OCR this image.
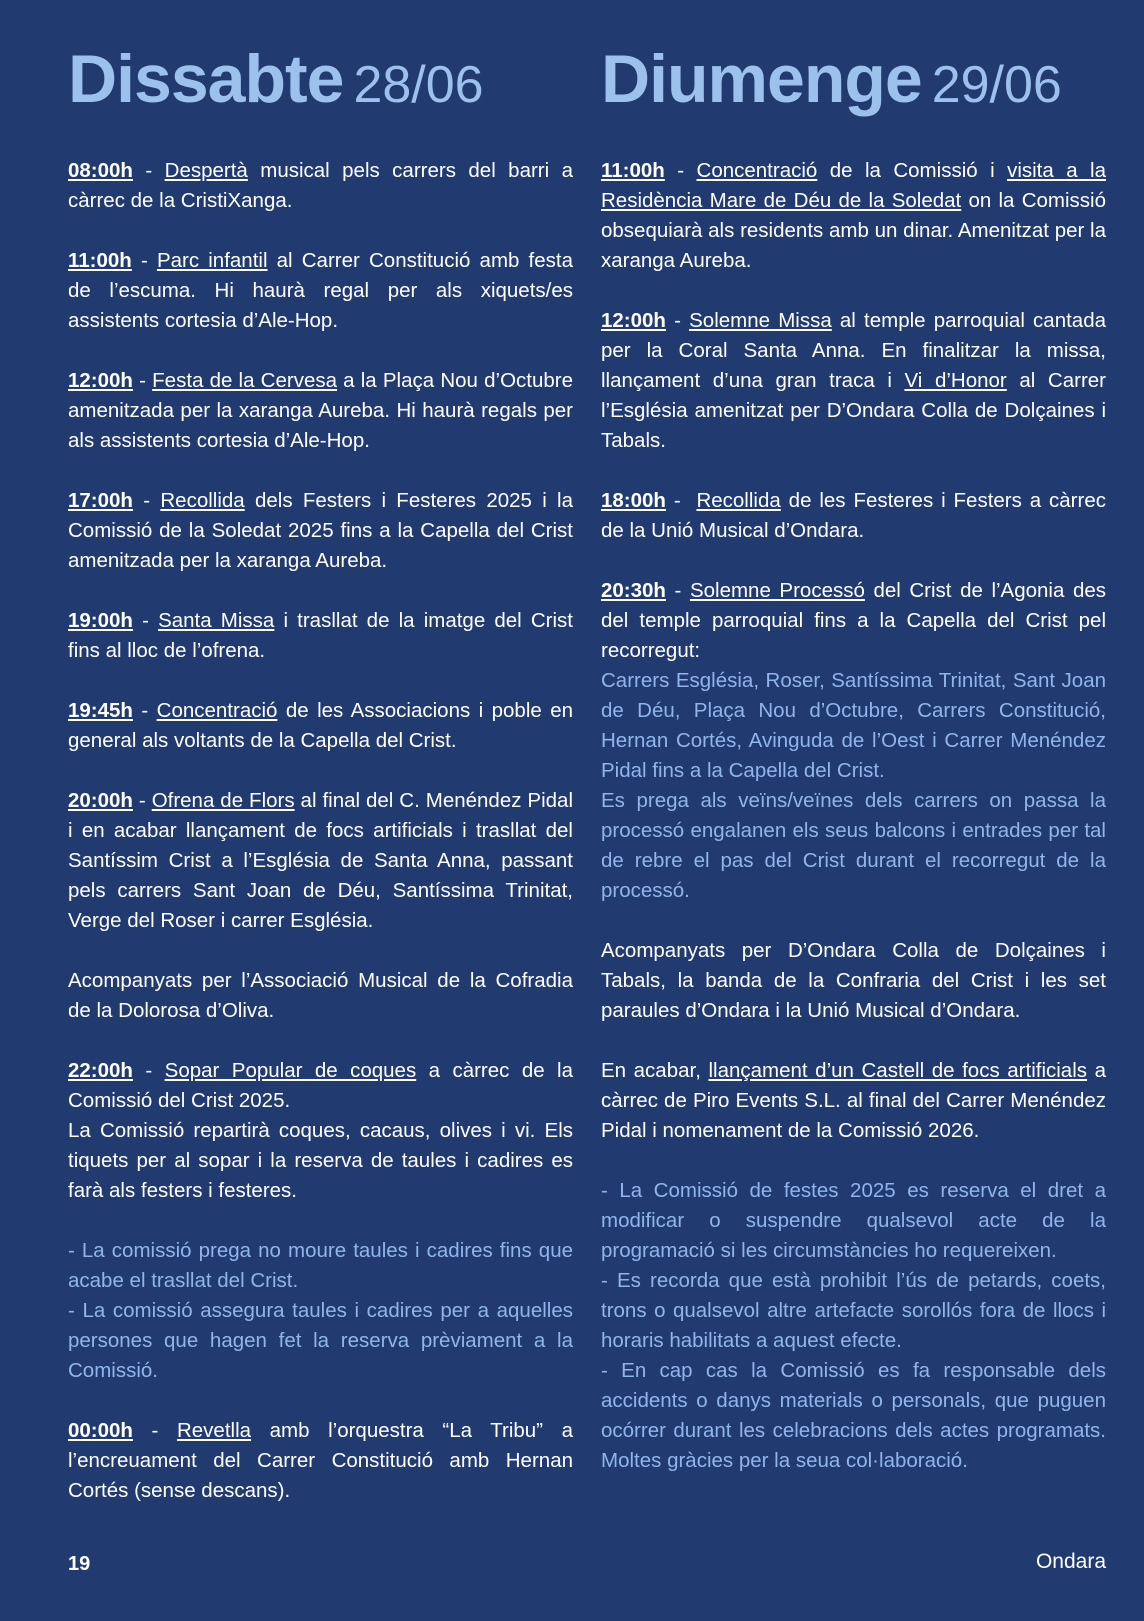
Dissabte 28/06

08:00h - Despertà musical pels carrers del barri a càrrec de la CristiXanga.

11:00h - Parc infantil al Carrer Constitució amb festa de l’escuma. Hi haurà regal per als xiquets/es assistents cortesia d’Ale-Hop.

12:00h - Festa de la Cervesa a la Plaça Nou d’Octubre amenitzada per la xaranga Aureba. Hi haurà regals per als assistents cortesia d’Ale-Hop.

17:00h - Recollida dels Festers i Festeres 2025 i la Comissió de la Soledat 2025 fins a la Capella del Crist amenitzada per la xaranga Aureba.

19:00h - Santa Missa i trasllat de la imatge del Crist fins al lloc de l’ofrena.

19:45h - Concentració de les Associacions i poble en general als voltants de la Capella del Crist.

20:00h - Ofrena de Flors al final del C. Menéndez Pidal i en acabar llançament de focs artificials i trasllat del Santíssim Crist a l’Església de Santa Anna, passant pels carrers Sant Joan de Déu, Santíssima Trinitat, Verge del Roser i carrer Església.

Acompanyats per l’Associació Musical de la Cofradia de la Dolorosa d’Oliva.

22:00h - Sopar Popular de coques a càrrec de la Comissió del Crist 2025.
La Comissió repartirà coques, cacaus, olives i vi. Els tiquets per al sopar i la reserva de taules i cadires es farà als festers i festeres.

- La comissió prega no moure taules i cadires fins que acabe el trasllat del Crist.
- La comissió assegura taules i cadires per a aquelles persones que hagen fet la reserva prèviament a la Comissió.

00:00h - Revetlla amb l’orquestra “La Tribu” a l’encreuament del Carrer Constitució amb Hernan Cortés (sense descans).

Diumenge 29/06

11:00h - Concentració de la Comissió i visita a la Residència Mare de Déu de la Soledat on la Comissió obsequiarà als residents amb un dinar. Amenitzat per la xaranga Aureba.

12:00h - Solemne Missa al temple parroquial cantada per la Coral Santa Anna. En finalitzar la missa, llançament d’una gran traca i Vi d’Honor al Carrer l’Església amenitzat per D’Ondara Colla de Dolçaines i Tabals.

18:00h -  Recollida de les Festeres i Festers a càrrec de la Unió Musical d’Ondara.

20:30h - Solemne Processó del Crist de l’Agonia des del temple parroquial fins a la Capella del Crist pel recorregut:
Carrers Església, Roser, Santíssima Trinitat, Sant Joan de Déu, Plaça Nou d’Octubre, Carrers Constitució, Hernan Cortés, Avinguda de l’Oest i Carrer Menéndez Pidal fins a la Capella del Crist.
Es prega als veïns/veïnes dels carrers on passa la processó engalanen els seus balcons i entrades per tal de rebre el pas del Crist durant el recorregut de la processó.

Acompanyats per D’Ondara Colla de Dolçaines i Tabals, la banda de la Confraria del Crist i les set paraules d’Ondara i la Unió Musical d’Ondara.

En acabar, llançament d’un Castell de focs artificials a càrrec de Piro Events S.L. al final del Carrer Menéndez Pidal i nomenament de la Comissió 2026.

- La Comissió de festes 2025 es reserva el dret a modificar o suspendre qualsevol acte de la programació si les circumstàncies ho requereixen.
- Es recorda que està prohibit l’ús de petards, coets, trons o qualsevol altre artefacte sorollós fora de llocs i horaris habilitats a aquest efecte.
- En cap cas la Comissió es fa responsable dels accidents o danys materials o personals, que puguen ocórrer durant les celebracions dels actes programats. Moltes gràcies per la seua col·laboració.

19	Ondara
